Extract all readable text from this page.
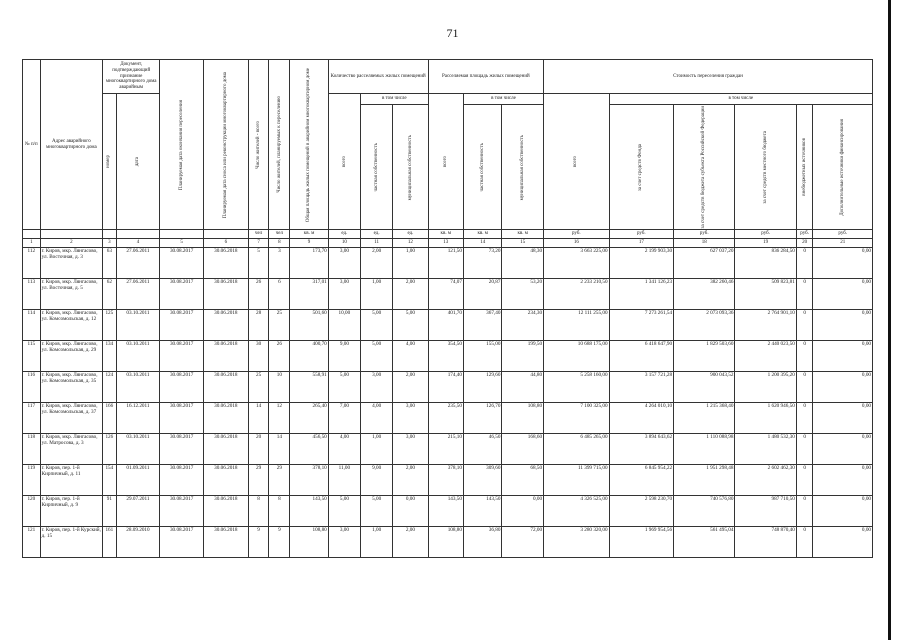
71
№ п/п	Адрес аварийного многоквартирного дома	Документ, подтверждающий признание многоквартирного дома аварийным		Планируемая дата окончания переселения	Планируемая дата сноса или реконструкции многоквартирного дома	Число жителей - всего	Число жителей, планируемых к переселению	Общая площадь жилых помещений в аварийном многоквартирном доме	Количество расселяемых жилых помещений			Расселяемая площадь жилых помещений			Стоимость переселения граждан					

		номер	дата						всего	в том числе		всего	в том числе		всего	в том числе				

										частная собственность	муниципальная собственность		частная собственность	муниципальная собственность		за счет средств Фонда	за счет средств бюджета субъекта Российской Федерации	за счет средств местного бюджета	внебюджетных источников	Дополнительные источники финансирования

						чел	чел	кв. м	ед.	ед.	ед.	кв. м	кв. м	кв. м	руб.	руб.	руб.	руб.	руб.	руб.
1	2	3	4	5	6	7	8	9	10	11	12	13	14	15	16	17	18	19	20	21
112	г. Киров, мкр. Лянгасово, ул. Восточная, д. 3	63	27.06.2011	30.08.2017	30.06.2018	5	3	173,70	3,00	2,00	1,00	121,50	73,20	48,30	3 663 225,00	2 199 903,30	627 037,20	836 284,50	0	0,00
113	г. Киров, мкр. Лянгасово, ул. Восточная, д. 5	62	27.06.2011	30.08.2017	30.06.2018	26	6	317,01	3,00	1,00	2,00	74,07	20,87	53,20	2 233 210,50	1 341 126,23	382 260,46	509 823,81	0	0,00
114	г. Киров, мкр. Лянгасово, ул. Комсомольская, д. 12	125	03.10.2011	30.08.2017	30.06.2018	28	25	501,60	10,00	5,00	5,00	401,70	367,40	234,30	12 111 255,00	7 273 261,54	2 073 093,36	2 764 901,10	0	0,00
115	г. Киров, мкр. Лянгасово, ул. Комсомольская, д. 29	134	03.10.2011	30.08.2017	30.06.2018	30	26	400,70	9,00	5,00	4,00	354,50	155,00	199,50	10 688 175,00	6 418 647,90	1 829 503,60	2 440 023,50	0	0,00
116	г. Киров, мкр. Лянгасово, ул. Комсомольская, д. 35	124	03.10.2011	30.08.2017	30.06.2018	25	10	558,91	5,00	3,00	2,00	174,40	129,60	44,80	5 258 160,00	3 157 721,28	900 043,52	1 200 395,20	0	0,00
117	г. Киров, мкр. Лянгасово, ул. Комсомольская, д. 37	166	16.12.2011	30.08.2017	30.06.2018	14	12	265,40	7,00	4,00	3,00	235,50	126,70	108,80	7 100 325,00	4 264 010,10	1 215 368,40	1 620 946,50	0	0,00
118	г. Киров, мкр. Лянгасово, ул. Матросова, д. 3	126	03.10.2011	30.08.2017	30.06.2018	20	14	456,50	4,00	1,00	3,00	215,10	46,50	168,60	6 485 265,00	3 894 643,62	1 110 088,98	1 480 532,30	0	0,00
119	г. Киров, пер. 1-й Кирпичный, д. 11	154	01.09.2011	30.08.2017	30.06.2018	29	29	378,10	11,00	9,00	2,00	378,10	309,60	68,50	11 399 715,00	6 845 954,22	1 951 298,48	2 602 462,30	0	0,00
120	г. Киров, пер. 1-й Кирпичный, д. 9	91	29.07.2011	30.08.2017	30.06.2018	8	8	143,50	5,00	5,00	0,00	143,50	143,50	0,00	4 326 525,00	2 598 230,70	740 576,80	987 710,50	0	0,00
121	г. Киров, пер. 1-й Курский, д. 15	161	28.09.2010	30.08.2017	30.06.2018	9	9	108,80	3,00	1,00	2,00	108,80	36,80	72,00	3 280 320,00	1 969 954,56	561 495,04	748 870,40	0	0,00
